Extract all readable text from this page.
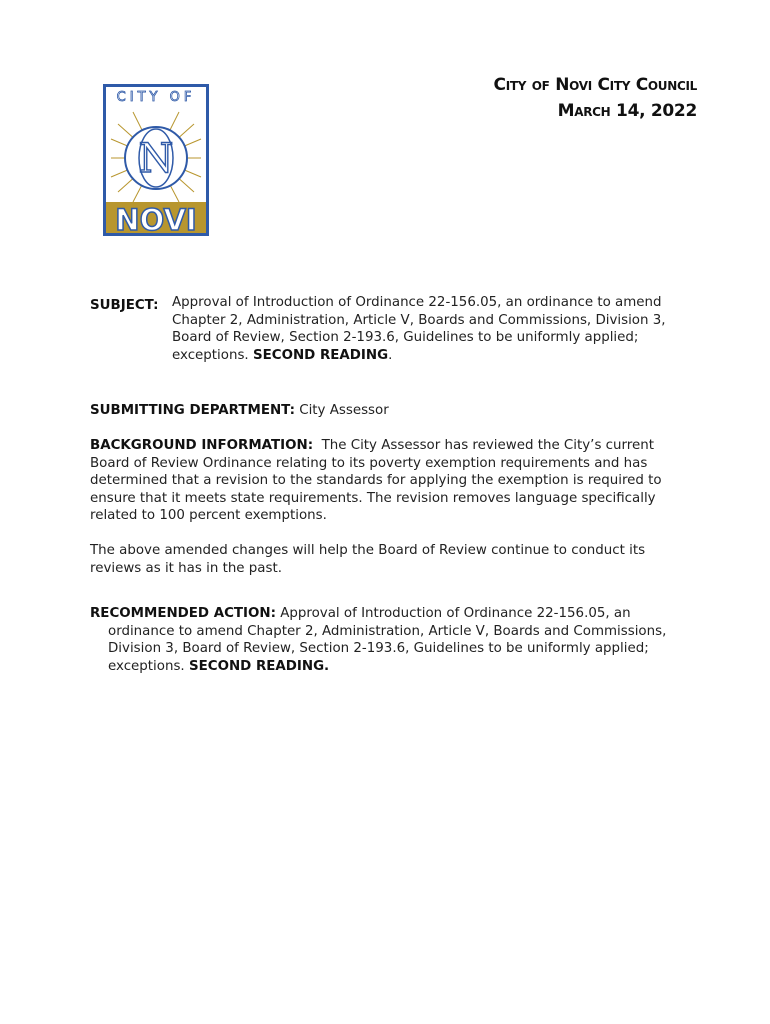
CITY OF
N
NOVI
City of Novi City Council
March 14, 2022
SUBJECT:	Approval of Introduction of Ordinance 22-156.05, an ordinance to amend Chapter 2, Administration, Article V, Boards and Commissions, Division 3, Board of Review, Section 2-193.6, Guidelines to be uniformly applied; exceptions. SECOND READING.
SUBMITTING DEPARTMENT: City Assessor
BACKGROUND INFORMATION: The City Assessor has reviewed the City’s current Board of Review Ordinance relating to its poverty exemption requirements and has determined that a revision to the standards for applying the exemption is required to ensure that it meets state requirements. The revision removes language specifically related to 100 percent exemptions.
The above amended changes will help the Board of Review continue to conduct its reviews as it has in the past.
RECOMMENDED ACTION: Approval of Introduction of Ordinance 22-156.05, an
ordinance to amend Chapter 2, Administration, Article V, Boards and Commissions,
Division 3, Board of Review, Section 2-193.6, Guidelines to be uniformly applied;
exceptions. SECOND READING.
